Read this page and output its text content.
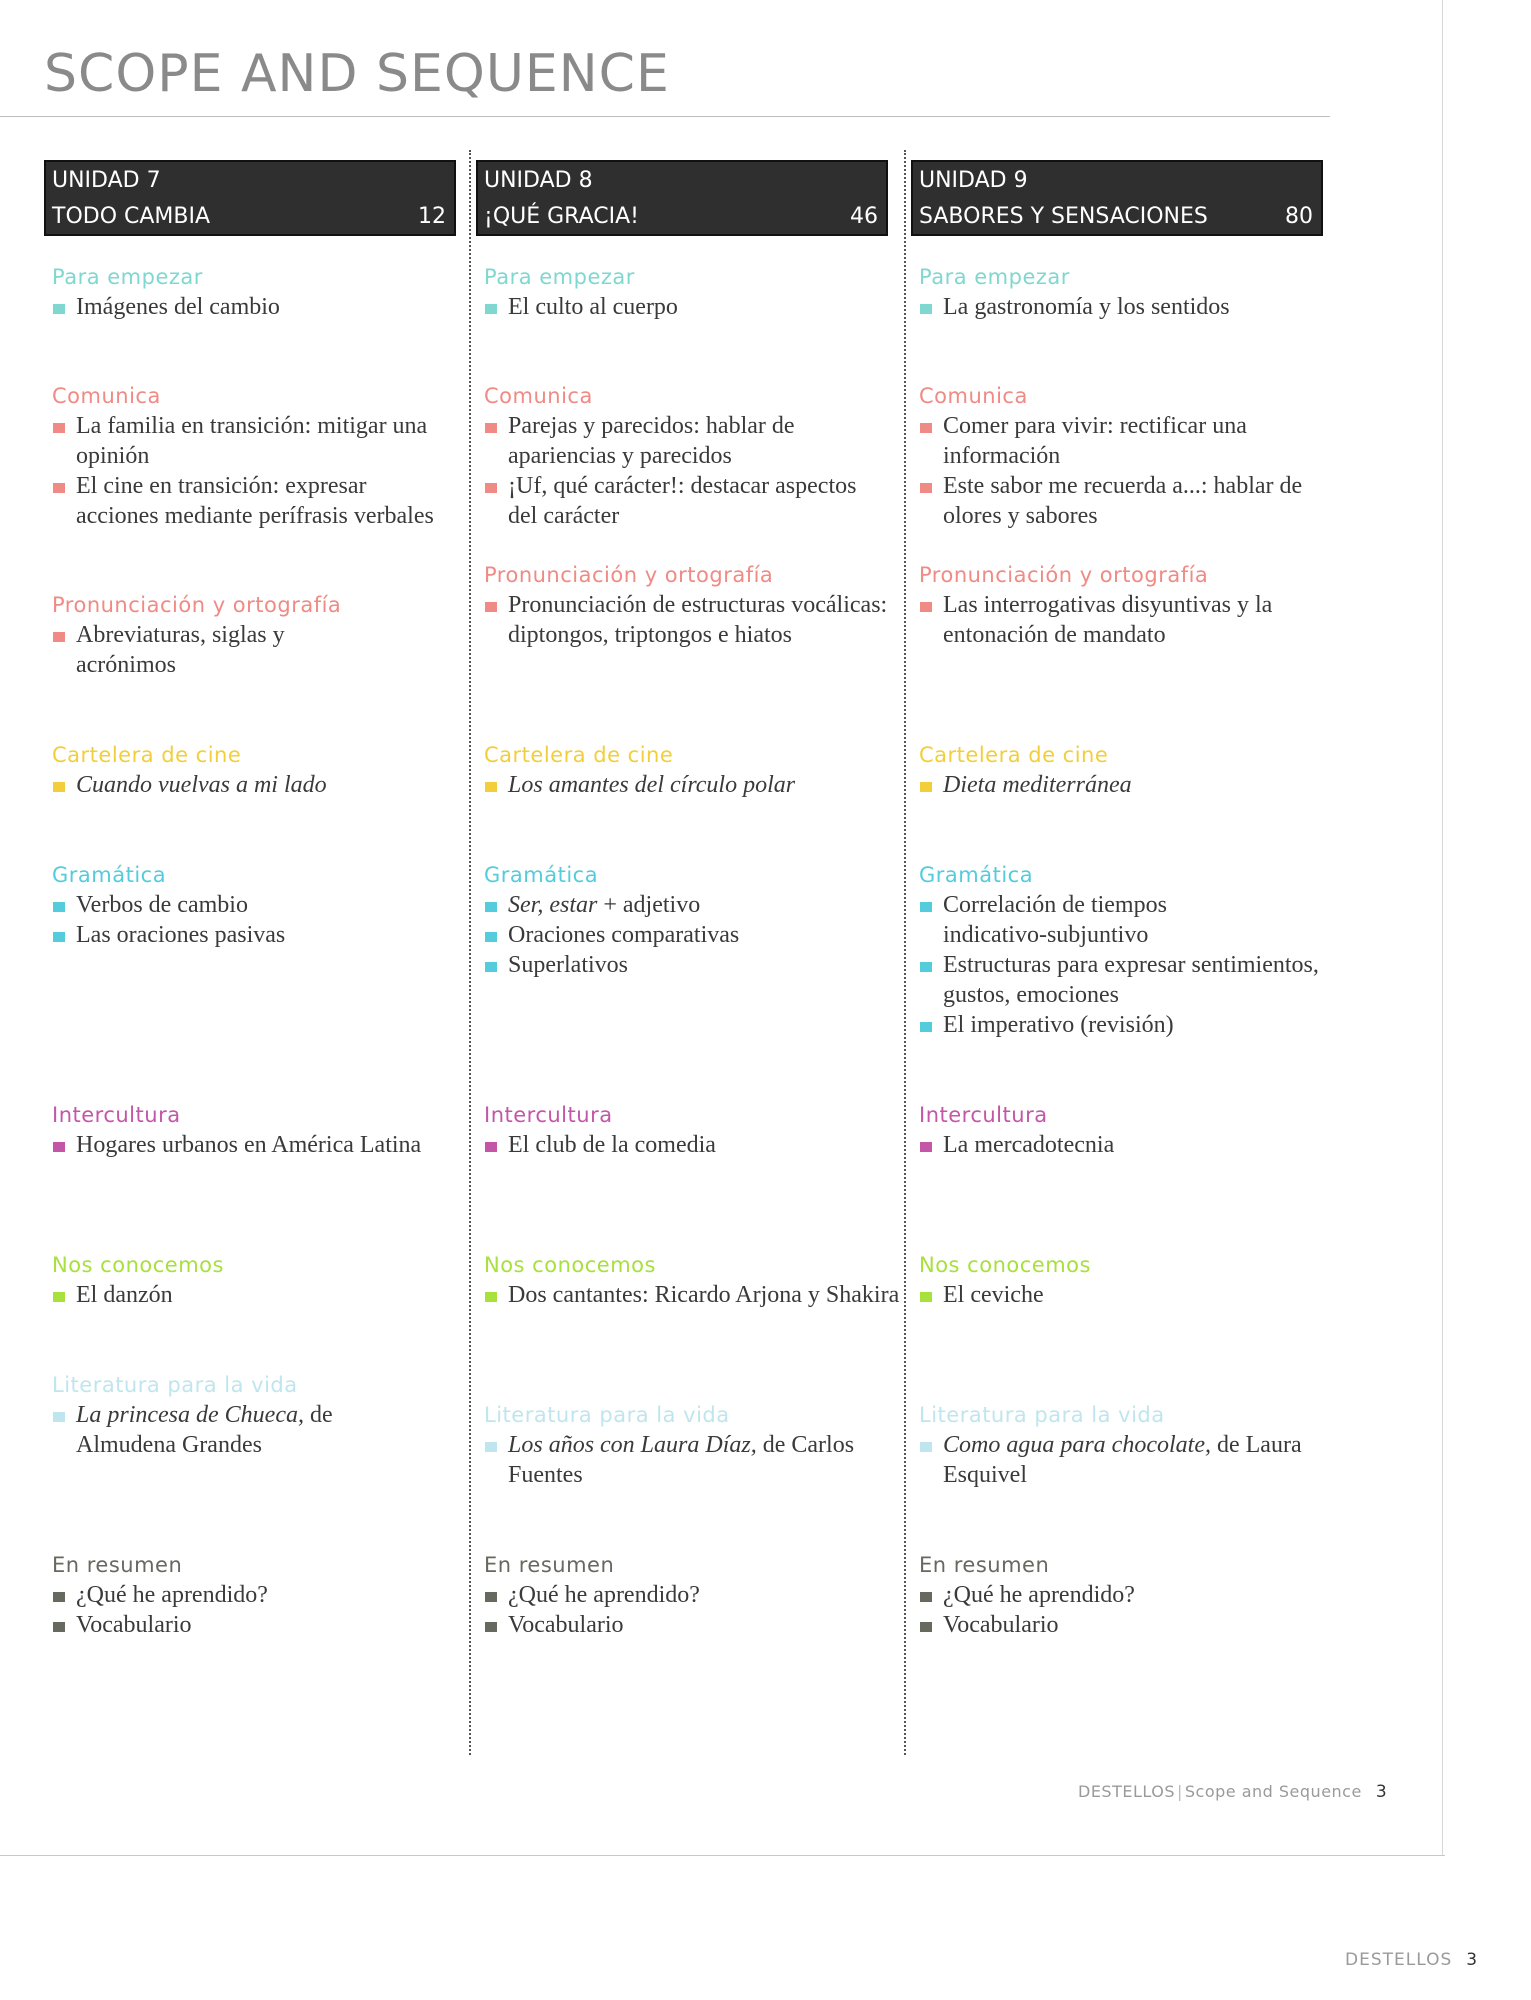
SCOPE AND SEQUENCE
UNIDAD 7
TODO CAMBIA	12
Para empezar
Imágenes del cambio
Comunica
La familia en transición: mitigar una opinión
El cine en transición: expresar acciones mediante perífrasis verbales
Pronunciación y ortografía
Abreviaturas, siglas y acrónimos
Cartelera de cine
Cuando vuelvas a mi lado
Gramática
Verbos de cambio
Las oraciones pasivas
Intercultura
Hogares urbanos en América Latina
Nos conocemos
El danzón
Literatura para la vida
La princesa de Chueca, de Almudena Grandes
En resumen
¿Qué he aprendido?
Vocabulario
UNIDAD 8
¡QUÉ GRACIA!	46
Para empezar
El culto al cuerpo
Comunica
Parejas y parecidos: hablar de apariencias y parecidos
¡Uf, qué carácter!: destacar aspectos del carácter
Pronunciación y ortografía
Pronunciación de estructuras vocálicas: diptongos, triptongos e hiatos
Cartelera de cine
Los amantes del círculo polar
Gramática
Ser, estar + adjetivo
Oraciones comparativas
Superlativos
Intercultura
El club de la comedia
Nos conocemos
Dos cantantes: Ricardo Arjona y Shakira
Literatura para la vida
Los años con Laura Díaz, de Carlos Fuentes
En resumen
¿Qué he aprendido?
Vocabulario
UNIDAD 9
SABORES Y SENSACIONES	80
Para empezar
La gastronomía y los sentidos
Comunica
Comer para vivir: rectificar una información
Este sabor me recuerda a...: hablar de olores y sabores
Pronunciación y ortografía
Las interrogativas disyuntivas y la entonación de mandato
Cartelera de cine
Dieta mediterránea
Gramática
Correlación de tiempos indicativo-subjuntivo
Estructuras para expresar sentimientos, gustos, emociones
El imperativo (revisión)
Intercultura
La mercadotecnia
Nos conocemos
El ceviche
Literatura para la vida
Como agua para chocolate, de Laura Esquivel
En resumen
¿Qué he aprendido?
Vocabulario
DESTELLOS | Scope and Sequence 3
DESTELLOS 3
